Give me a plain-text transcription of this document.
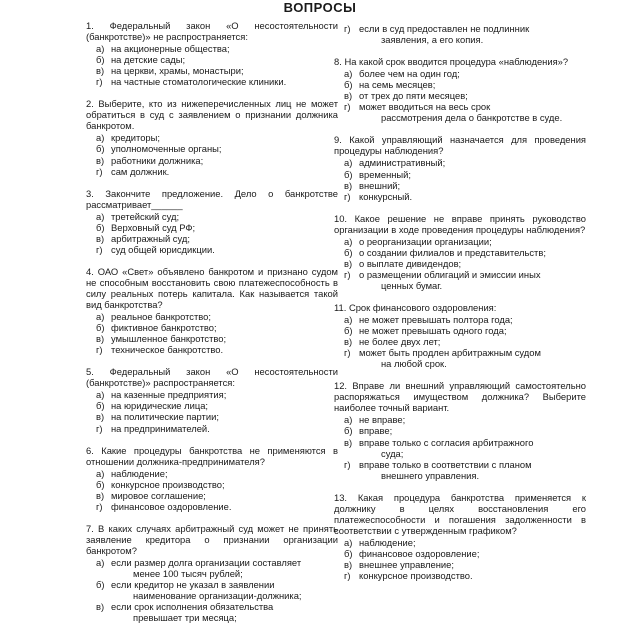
ВОПРОСЫ
1. Федеральный закон «О несостоятельности (банкротстве)» не распространяется:
а) на акционерные общества;
б) на детские сады;
в) на церкви, храмы, монастыри;
г) на частные стоматологические клиники.
2. Выберите, кто из нижеперечисленных лиц не может обратиться в суд с заявлением о признании должника банкротом.
а) кредиторы;
б) уполномоченные органы;
в) работники должника;
г) сам должник.
3. Закончите предложение. Дело о банкротстве рассматривает______
а) третейский суд;
б) Верховный суд РФ;
в) арбитражный суд;
г) суд общей юрисдикции.
4. ОАО «Свет» объявлено банкротом и признано судом не способным восстановить свою платежеспособность в силу реальных потерь капитала. Как называется такой вид банкротства?
а) реальное банкротство;
б) фиктивное банкротство;
в) умышленное банкротство;
г) техническое банкротство.
5. Федеральный закон «О несостоятельности (банкротстве)» распространяется:
а) на казенные предприятия;
б) на юридические лица;
в) на политические партии;
г) на предпринимателей.
6. Какие процедуры банкротства не применяются в отношении должника-предпринимателя?
а) наблюдение;
б) конкурсное производство;
в) мировое соглашение;
г) финансовое оздоровление.
7. В каких случаях арбитражный суд может не принять заявление кредитора о признании организации банкротом?
а) если размер долга организации составляет
менее 100 тысяч рублей;
б) если кредитор не указал в заявлении
наименование организации-должника;
в) если срок исполнения обязательства
превышает три месяца;
г) если в суд предоставлен не подлинник
заявления, а его копия.
8. На какой срок вводится процедура «наблюдения»?
а) более чем на один год;
б) на семь месяцев;
в) от трех до пяти месяцев;
г) может вводиться на весь срок
рассмотрения дела о банкротстве в суде.
9. Какой управляющий назначается для проведения процедуры наблюдения?
а) административный;
б) временный;
в) внешний;
г) конкурсный.
10. Какое решение не вправе принять руководство организации в ходе проведения процедуры наблюдения?
а) о реорганизации организации;
б) о создании филиалов и представительств;
в) о выплате дивидендов;
г) о размещении облигаций и эмиссии иных
ценных бумаг.
11. Срок финансового оздоровления:
а) не может превышать полтора года;
б) не может превышать одного года;
в) не более двух лет;
г) может быть продлен арбитражным судом
на любой срок.
12. Вправе ли внешний управляющий самостоятельно распоряжаться имуществом должника? Выберите наиболее точный вариант.
а) не вправе;
б) вправе;
в) вправе только с согласия арбитражного
суда;
г) вправе только в соответствии с планом
внешнего управления.
13. Какая процедура банкротства применяется к должнику в целях восстановления его платежеспособности и погашения задолженности в соответствии с утвержденным графиком?
а) наблюдение;
б) финансовое оздоровление;
в) внешнее управление;
г) конкурсное производство.
